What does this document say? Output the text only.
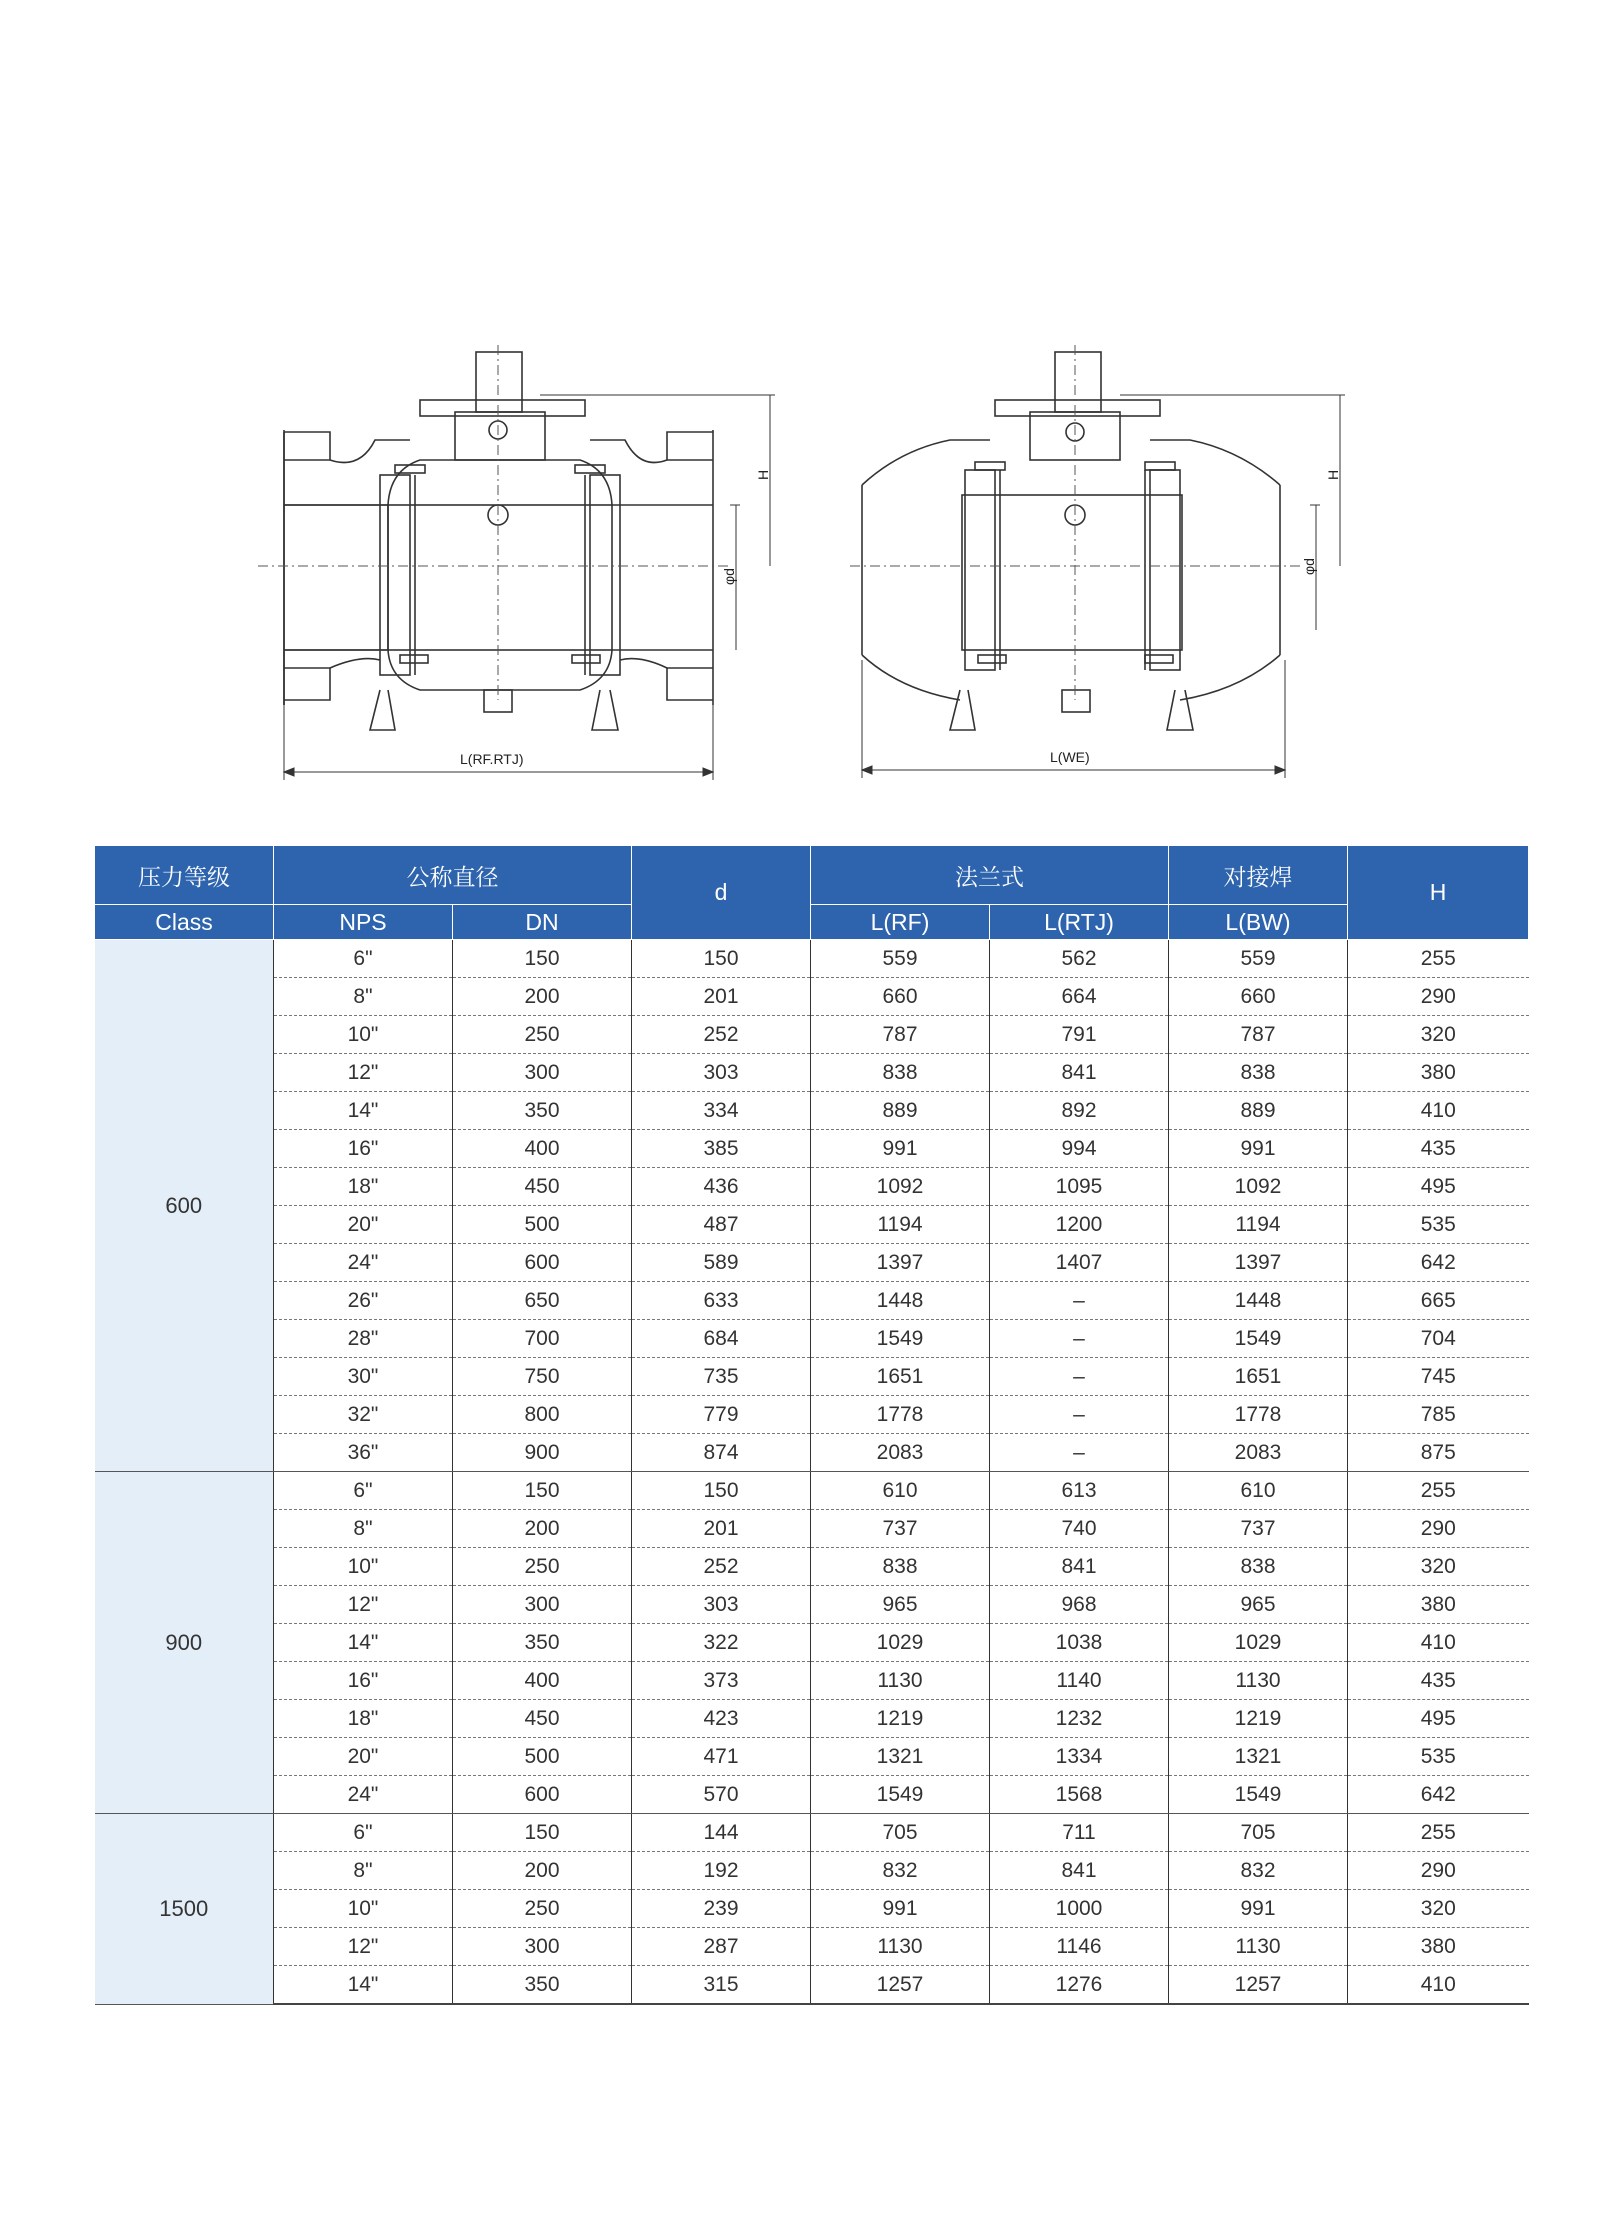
L(RF.RTJ)
H
φd
L(WE)
H
φd
压力等级	公称直径		d	法兰式		对接焊	H
Class	NPS	DN		L(RF)	L(RTJ)	L(BW)	
600	6"	150	150	559	562	559	255
	8"	200	201	660	664	660	290
	10"	250	252	787	791	787	320
	12"	300	303	838	841	838	380
	14"	350	334	889	892	889	410
	16"	400	385	991	994	991	435
	18"	450	436	1092	1095	1092	495
	20"	500	487	1194	1200	1194	535
	24"	600	589	1397	1407	1397	642
	26"	650	633	1448	–	1448	665
	28"	700	684	1549	–	1549	704
	30"	750	735	1651	–	1651	745
	32"	800	779	1778	–	1778	785
	36"	900	874	2083	–	2083	875
900	6"	150	150	610	613	610	255
	8"	200	201	737	740	737	290
	10"	250	252	838	841	838	320
	12"	300	303	965	968	965	380
	14"	350	322	1029	1038	1029	410
	16"	400	373	1130	1140	1130	435
	18"	450	423	1219	1232	1219	495
	20"	500	471	1321	1334	1321	535
	24"	600	570	1549	1568	1549	642
1500	6"	150	144	705	711	705	255
	8"	200	192	832	841	832	290
	10"	250	239	991	1000	991	320
	12"	300	287	1130	1146	1130	380
	14"	350	315	1257	1276	1257	410
